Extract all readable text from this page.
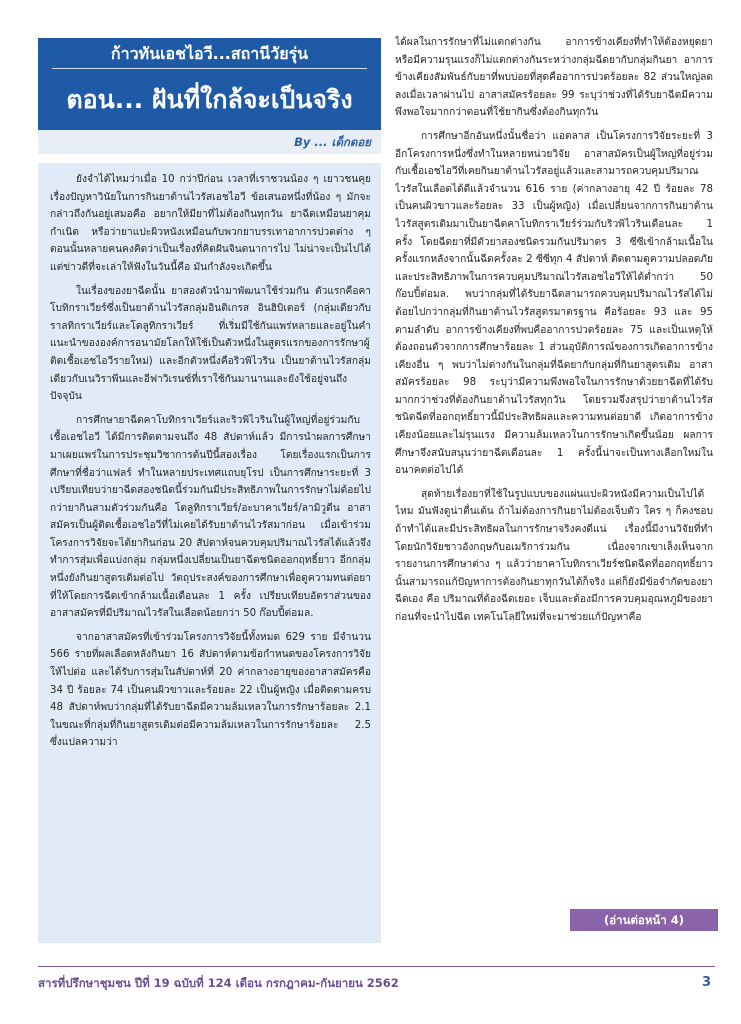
ก้าวทันเอชไอวี...สถานีวัยรุ่น
ตอน... ฝันที่ใกล้จะเป็นจริง
By ... เด็กดอย

ยังจำได้ไหมว่าเมื่อ 10 กว่าปีก่อน เวลาที่เราชวนน้อง ๆ เยาวชนคุยเรื่องปัญหาวินัยในการกินยาต้านไวรัสเอชไอวี ข้อเสนอหนึ่งที่น้อง ๆ มักจะกล่าวถึงกันอยู่เสมอคือ อยากให้มียาที่ไม่ต้องกินทุกวัน ยาฉีดเหมือนยาคุมกำเนิด หรือว่ายาแปะผิวหนังเหมือนกับพวกยาบรรเทาอาการปวดต่าง ๆ ตอนนั้นหลายคนคงคิดว่าเป็นเรื่องที่คิดฝันจินตนาการไป ไม่น่าจะเป็นไปได้ แต่ข่าวดีที่จะเล่าให้ฟังในวันนี้คือ มันกำลังจะเกิดขึ้น

ในเรื่องของยาฉีดนั้น ยาสองตัวนำมาพัฒนาใช้ร่วมกัน ตัวแรกคือคาโบทิกราเวียร์ซึ่งเป็นยาต้านไวรัสกลุ่มอินติเกรส อินฮิบิเตอร์ (กลุ่มเดียวกับราลทิกราเวียร์และโดลูทิกราเวียร์ ที่เริ่มมีใช้กันแพร่หลายและอยู่ในคำแนะนำขององค์การอนามัยโลกให้ใช้เป็นตัวหนึ่งในสูตรแรกของการรักษาผู้ติดเชื้อเอชไอวีรายใหม่) และอีกตัวหนึ่งคือริวพิไวริน เป็นยาต้านไวรัสกลุ่มเดียวกับเนวิราพีนและอีฟาวิเรนซ์ที่เราใช้กันมานานและยังใช้อยู่จนถึงปัจจุบัน

การศึกษายาฉีดคาโบทิกราเวียร์และริวพิไวรินในผู้ใหญ่ที่อยู่ร่วมกับเชื้อเอชไอวี ได้มีการติดตามจนถึง 48 สัปดาห์แล้ว มีการนำผลการศึกษามาเผยแพร่ในการประชุมวิชาการต้นปีนี้สองเรื่อง โดยเรื่องแรกเป็นการศึกษาที่ชื่อว่าแฟลร์ ทำในหลายประเทศแถบยุโรป เป็นการศึกษาระยะที่ 3 เปรียบเทียบว่ายาฉีดสองชนิดนี้ร่วมกันมีประสิทธิภาพในการรักษาไม่ด้อยไปกว่ายากินสามตัวร่วมกันคือ โดลูทิกราเวียร์/อะบาคาเวียร์/ลามิวูดีน อาสาสมัครเป็นผู้ติดเชื้อเอชไอวีที่ไม่เคยได้รับยาต้านไวรัสมาก่อน เมื่อเข้าร่วมโครงการวิจัยจะได้ยากินก่อน 20 สัปดาห์จนควบคุมปริมาณไวรัสได้แล้วจึงทำการสุ่มเพื่อแบ่งกลุ่ม กลุ่มหนึ่งเปลี่ยนเป็นยาฉีดชนิดออกฤทธิ์ยาว อีกกลุ่มหนึ่งยังกินยาสูตรเดิมต่อไป วัตถุประสงค์ของการศึกษาเพื่อดูความทนต่อยา ที่ให้โดยการฉีดเข้ากล้ามเนื้อเดือนละ 1 ครั้ง เปรียบเทียบอัตราส่วนของอาสาสมัครที่มีปริมาณไวรัสในเลือดน้อยกว่า 50 ก๊อบปี้ต่อมล.

จากอาสาสมัครที่เข้าร่วมโครงการวิจัยนี้ทั้งหมด 629 ราย มีจำนวน 566 รายที่ผลเลือดหลังกินยา 16 สัปดาห์ตามข้อกำหนดของโครงการวิจัยให้ไปต่อ และได้รับการสุ่มในสัปดาห์ที่ 20 ค่ากลางอายุของอาสาสมัครคือ 34 ปี ร้อยละ 74 เป็นคนผิวขาวและร้อยละ 22 เป็นผู้หญิง เมื่อติดตามครบ 48 สัปดาห์พบว่ากลุ่มที่ได้รับยาฉีดมีความล้มเหลวในการรักษาร้อยละ 2.1 ในขณะที่กลุ่มที่กินยาสูตรเดิมต่อมีความล้มเหลวในการรักษาร้อยละ 2.5 ซึ่งแปลความว่า

ได้ผลในการรักษาที่ไม่แตกต่างกัน อาการข้างเคียงที่ทำให้ต้องหยุดยา หรือมีความรุนแรงก็ไม่แตกต่างกันระหว่างกลุ่มฉีดยากับกลุ่มกินยา อาการข้างเคียงสัมพันธ์กับยาที่พบบ่อยที่สุดคืออาการปวดร้อยละ 82 ส่วนใหญ่ลดลงเมื่อเวลาผ่านไป อาสาสมัครร้อยละ 99 ระบุว่าช่วงที่ได้รับยาฉีดมีความพึงพอใจมากกว่าตอนที่ใช้ยากินซึ่งต้องกินทุกวัน

การศึกษาอีกอันหนึ่งนั้นชื่อว่า แอตลาส เป็นโครงการวิจัยระยะที่ 3 อีกโครงการหนึ่งซึ่งทำในหลายหน่วยวิจัย อาสาสมัครเป็นผู้ใหญ่ที่อยู่ร่วมกับเชื้อเอชไอวีที่เคยกินยาต้านไวรัสอยู่แล้วและสามารถควบคุมปริมาณไวรัสในเลือดได้ดีแล้วจำนวน 616 ราย (ค่ากลางอายุ 42 ปี ร้อยละ 78 เป็นคนผิวขาวและร้อยละ 33 เป็นผู้หญิง) เมื่อเปลี่ยนจากการกินยาต้านไวรัสสูตรเดิมมาเป็นยาฉีดคาโบทิกราเวียร์ร่วมกับริวพิไวรินเดือนละ 1 ครั้ง โดยฉีดยาที่มีตัวยาสองชนิดรวมกันปริมาตร 3 ซีซีเข้ากล้ามเนื้อในครั้งแรกหลังจากนั้นฉีดครั้งละ 2 ซีซีทุก 4 สัปดาห์ ติดตามดูความปลอดภัยและประสิทธิภาพในการควบคุมปริมาณไวรัสเอชไอวีให้ได้ต่ำกว่า 50 ก๊อบปี้ต่อมล. พบว่ากลุ่มที่ได้รับยาฉีดสามารถควบคุมปริมาณไวรัสได้ไม่ด้อยไปกว่ากลุ่มที่กินยาต้านไวรัสสูตรมาตรฐาน คือร้อยละ 93 และ 95 ตามลำดับ อาการข้างเคียงที่พบคืออาการปวดร้อยละ 75 และเป็นเหตุให้ต้องถอนตัวจากการศึกษาร้อยละ 1 ส่วนอุบัติการณ์ของการเกิดอาการข้างเคียงอื่น ๆ พบว่าไม่ต่างกันในกลุ่มที่ฉีดยากับกลุ่มที่กินยาสูตรเดิม อาสาสมัครร้อยละ 98 ระบุว่ามีความพึงพอใจในการรักษาด้วยยาฉีดที่ได้รับมากกว่าช่วงที่ต้องกินยาต้านไวรัสทุกวัน โดยรวมจึงสรุปว่ายาต้านไวรัสชนิดฉีดที่ออกฤทธิ์ยาวนี้มีประสิทธิผลและความทนต่อยาดี เกิดอาการข้างเคียงน้อยและไม่รุนแรง มีความล้มเหลวในการรักษาเกิดขึ้นน้อย ผลการศึกษาจึงสนับสนุนว่ายาฉีดเดือนละ 1 ครั้งนี้น่าจะเป็นทางเลือกใหม่ในอนาคตต่อไปได้

สุดท้ายเรื่องยาที่ใช้ในรูปแบบของแผ่นแปะผิวหนังมีความเป็นไปได้ไหม มันฟังดูน่าตื่นเต้น ถ้าไม่ต้องการกินยาไม่ต้องเจ็บตัว ใคร ๆ ก็คงชอบ ถ้าทำได้และมีประสิทธิผลในการรักษาจริงคงดีแน่ เรื่องนี้มีงานวิจัยที่ทำโดยนักวิจัยชาวอังกฤษกับอเมริการ่วมกัน เนื่องจากเขาเล็งเห็นจากรายงานการศึกษาต่าง ๆ แล้วว่ายาคาโบทิกราเวียร์ชนิดฉีดที่ออกฤทธิ์ยาวนั้นสามารถแก้ปัญหาการต้องกินยาทุกวันได้ก็จริง แต่ก็ยังมีข้อจำกัดของยาฉีดเอง คือ ปริมาณที่ต้องฉีดเยอะ เจ็บและต้องมีการควบคุมอุณหภูมิของยาก่อนที่จะนำไปฉีด เทคโนโลยีใหม่ที่จะมาช่วยแก้ปัญหาคือ

(อ่านต่อหน้า 4)
สารที่ปรึกษาชุมชน ปีที่ 19 ฉบับที่ 124 เดือน กรกฎาคม-กันยายน 2562	3
